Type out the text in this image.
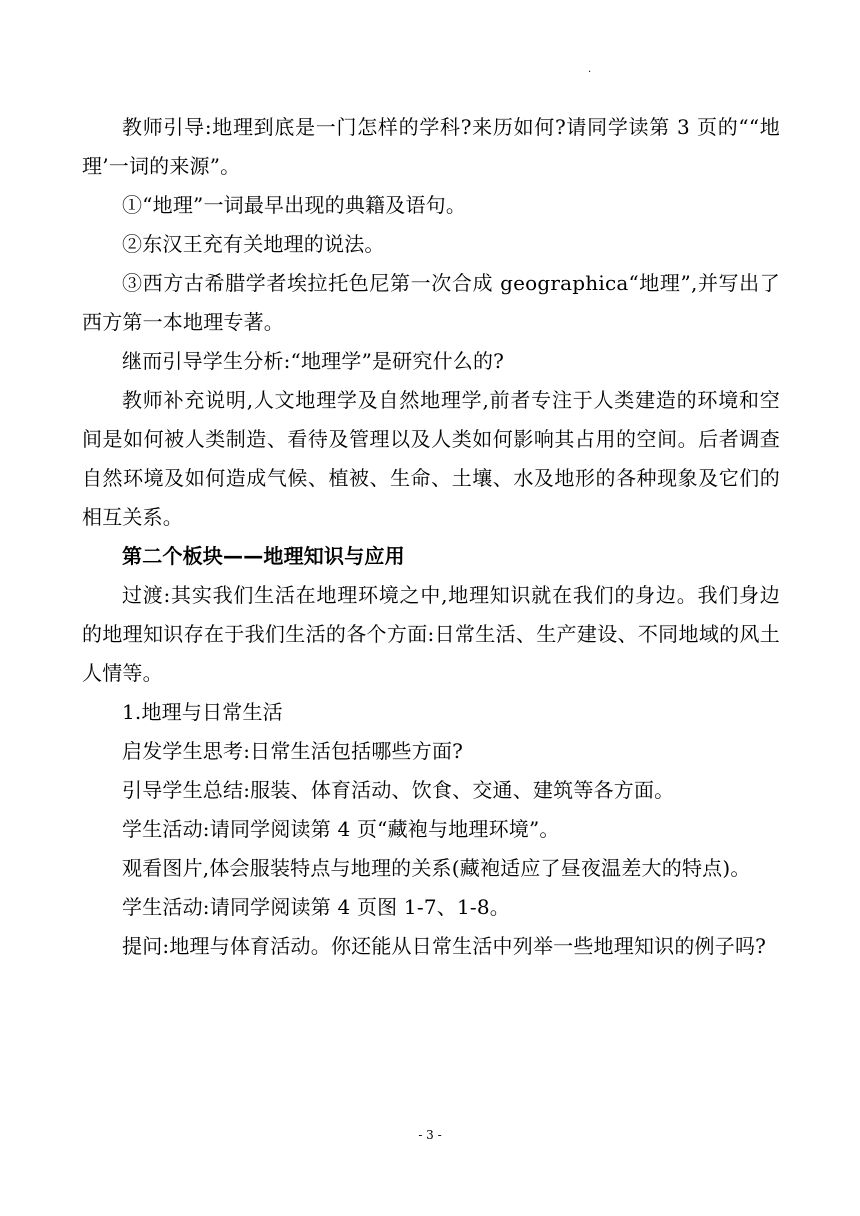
.

教师引导:地理到底是一门怎样的学科?来历如何?请同学读第 3 页的““地理’一词的来源”。

①“地理”一词最早出现的典籍及语句。

②东汉王充有关地理的说法。

③西方古希腊学者埃拉托色尼第一次合成 geographica“地理”,并写出了西方第一本地理专著。

继而引导学生分析:“地理学”是研究什么的?

教师补充说明,人文地理学及自然地理学,前者专注于人类建造的环境和空间是如何被人类制造、看待及管理以及人类如何影响其占用的空间。后者调查自然环境及如何造成气候、植被、生命、土壤、水及地形的各种现象及它们的相互关系。

第二个板块——地理知识与应用

过渡:其实我们生活在地理环境之中,地理知识就在我们的身边。我们身边的地理知识存在于我们生活的各个方面:日常生活、生产建设、不同地域的风土人情等。

1.地理与日常生活

启发学生思考:日常生活包括哪些方面?

引导学生总结:服装、体育活动、饮食、交通、建筑等各方面。

学生活动:请同学阅读第 4 页“藏袍与地理环境”。

观看图片,体会服装特点与地理的关系(藏袍适应了昼夜温差大的特点)。

学生活动:请同学阅读第 4 页图 1-7、1-8。

提问:地理与体育活动。你还能从日常生活中列举一些地理知识的例子吗?

- 3 -
